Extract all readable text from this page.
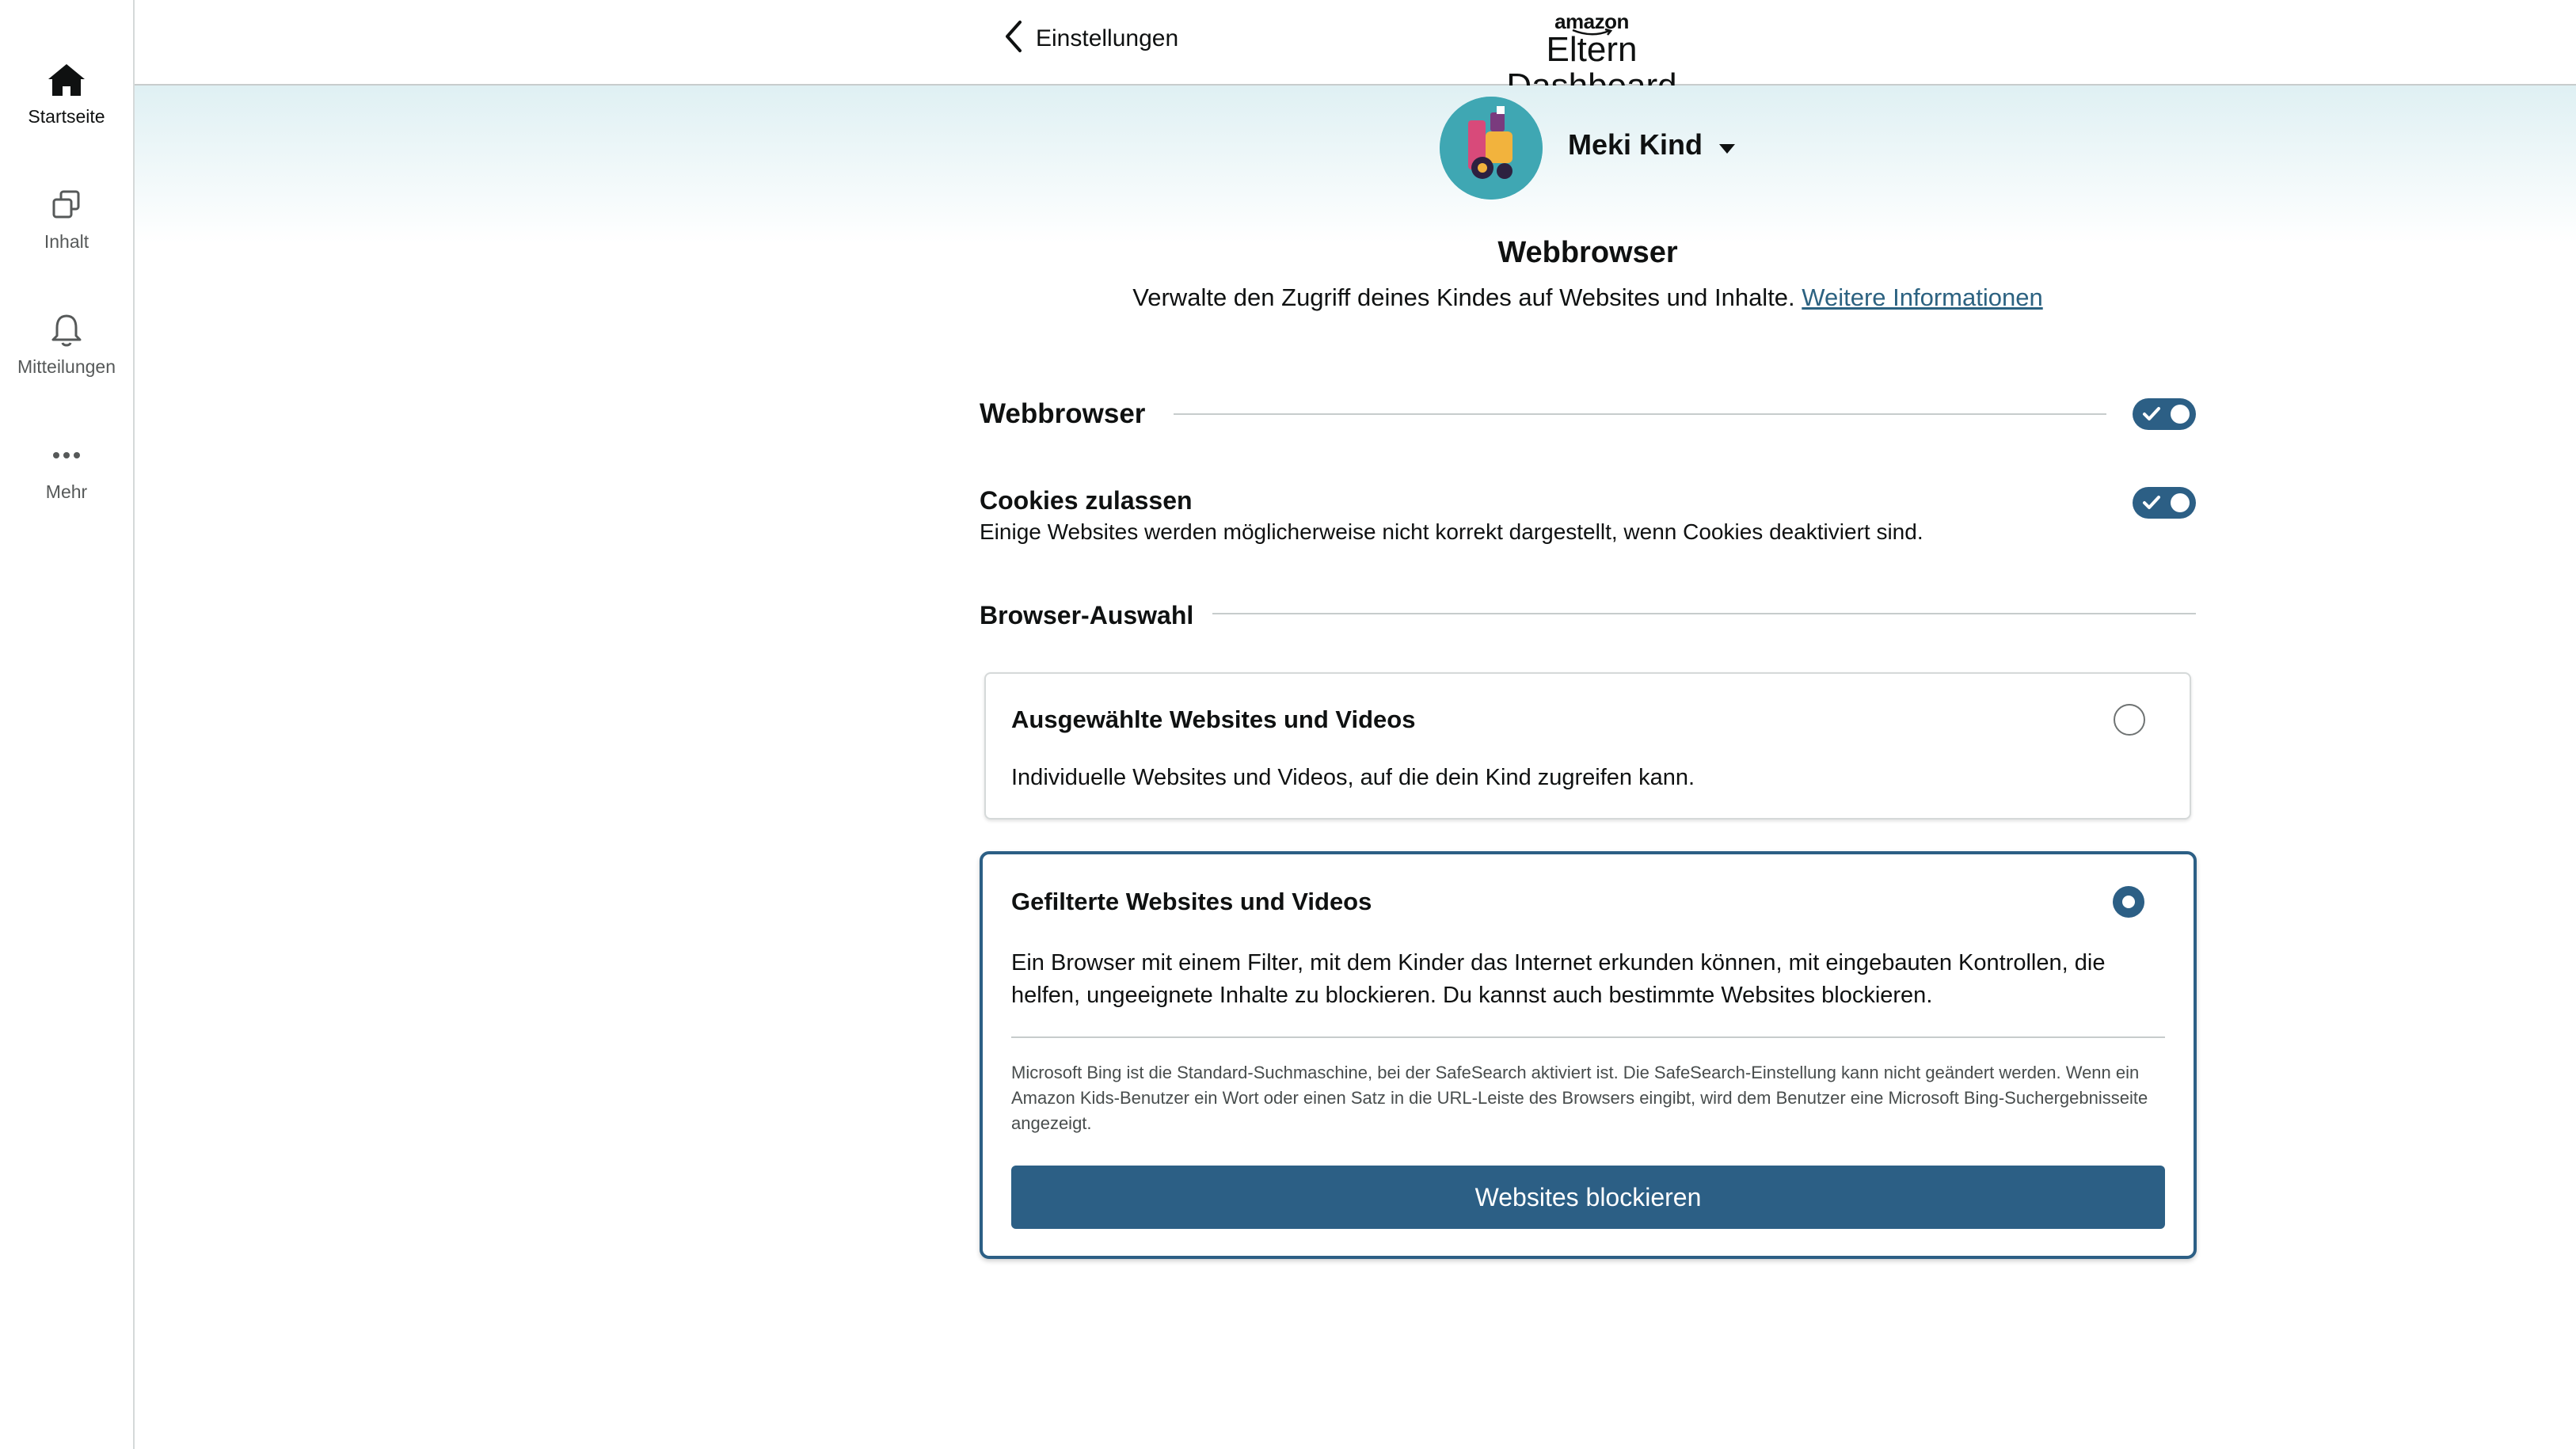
Startseite
Inhalt
Mitteilungen
Mehr
Einstellungen
amazon
Eltern
Meki Kind
Webbrowser
Verwalte den Zugriff deines Kindes auf Websites und Inhalte. Weitere Informationen
Webbrowser
Cookies zulassen
Einige Websites werden möglicherweise nicht korrekt dargestellt, wenn Cookies deaktiviert sind.
Browser-Auswahl
Ausgewählte Websites und Videos
Individuelle Websites und Videos, auf die dein Kind zugreifen kann.
Gefilterte Websites und Videos
Ein Browser mit einem Filter, mit dem Kinder das Internet erkunden können, mit eingebauten Kontrollen, die helfen, ungeeignete Inhalte zu blockieren. Du kannst auch bestimmte Websites blockieren.
Microsoft Bing ist die Standard-Suchmaschine, bei der SafeSearch aktiviert ist. Die SafeSearch-Einstellung kann nicht geändert werden. Wenn ein Amazon Kids-Benutzer ein Wort oder einen Satz in die URL-Leiste des Browsers eingibt, wird dem Benutzer eine Microsoft Bing-Suchergebnisseite angezeigt.
Websites blockieren
